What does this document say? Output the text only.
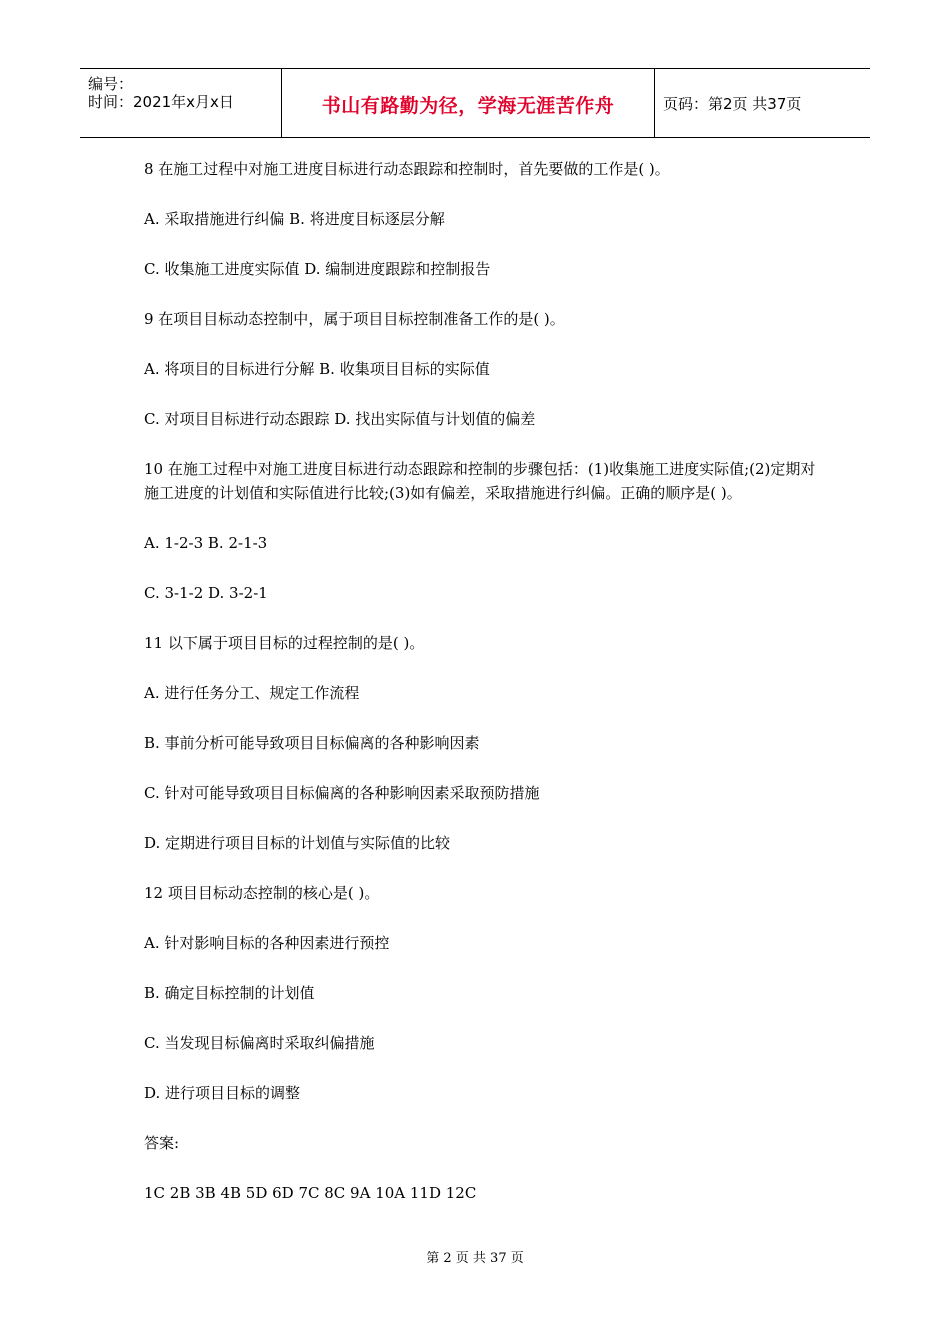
编号：
时间：2021年x月x日	书山有路勤为径，学海无涯苦作舟	页码：第2页 共37页

8 在施工过程中对施工进度目标进行动态跟踪和控制时，首先要做的工作是( )。

A. 采取措施进行纠偏 B. 将进度目标逐层分解

C. 收集施工进度实际值 D. 编制进度跟踪和控制报告

9 在项目目标动态控制中，属于项目目标控制准备工作的是( )。

A. 将项目的目标进行分解 B. 收集项目目标的实际值

C. 对项目目标进行动态跟踪 D. 找出实际值与计划值的偏差

10 在施工过程中对施工进度目标进行动态跟踪和控制的步骤包括：(1)收集施工进度实际值;(2)定期对施工进度的计划值和实际值进行比较;(3)如有偏差，采取措施进行纠偏。正确的顺序是( )。

A. 1-2-3 B. 2-1-3

C. 3-1-2 D. 3-2-1

11 以下属于项目目标的过程控制的是( )。

A. 进行任务分工、规定工作流程

B. 事前分析可能导致项目目标偏离的各种影响因素

C. 针对可能导致项目目标偏离的各种影响因素采取预防措施

D. 定期进行项目目标的计划值与实际值的比较

12 项目目标动态控制的核心是( )。

A. 针对影响目标的各种因素进行预控

B. 确定目标控制的计划值

C. 当发现目标偏离时采取纠偏措施

D. 进行项目目标的调整

答案:

1C 2B 3B 4B 5D 6D 7C 8C 9A 10A 11D 12C

第 2 页 共 37 页
